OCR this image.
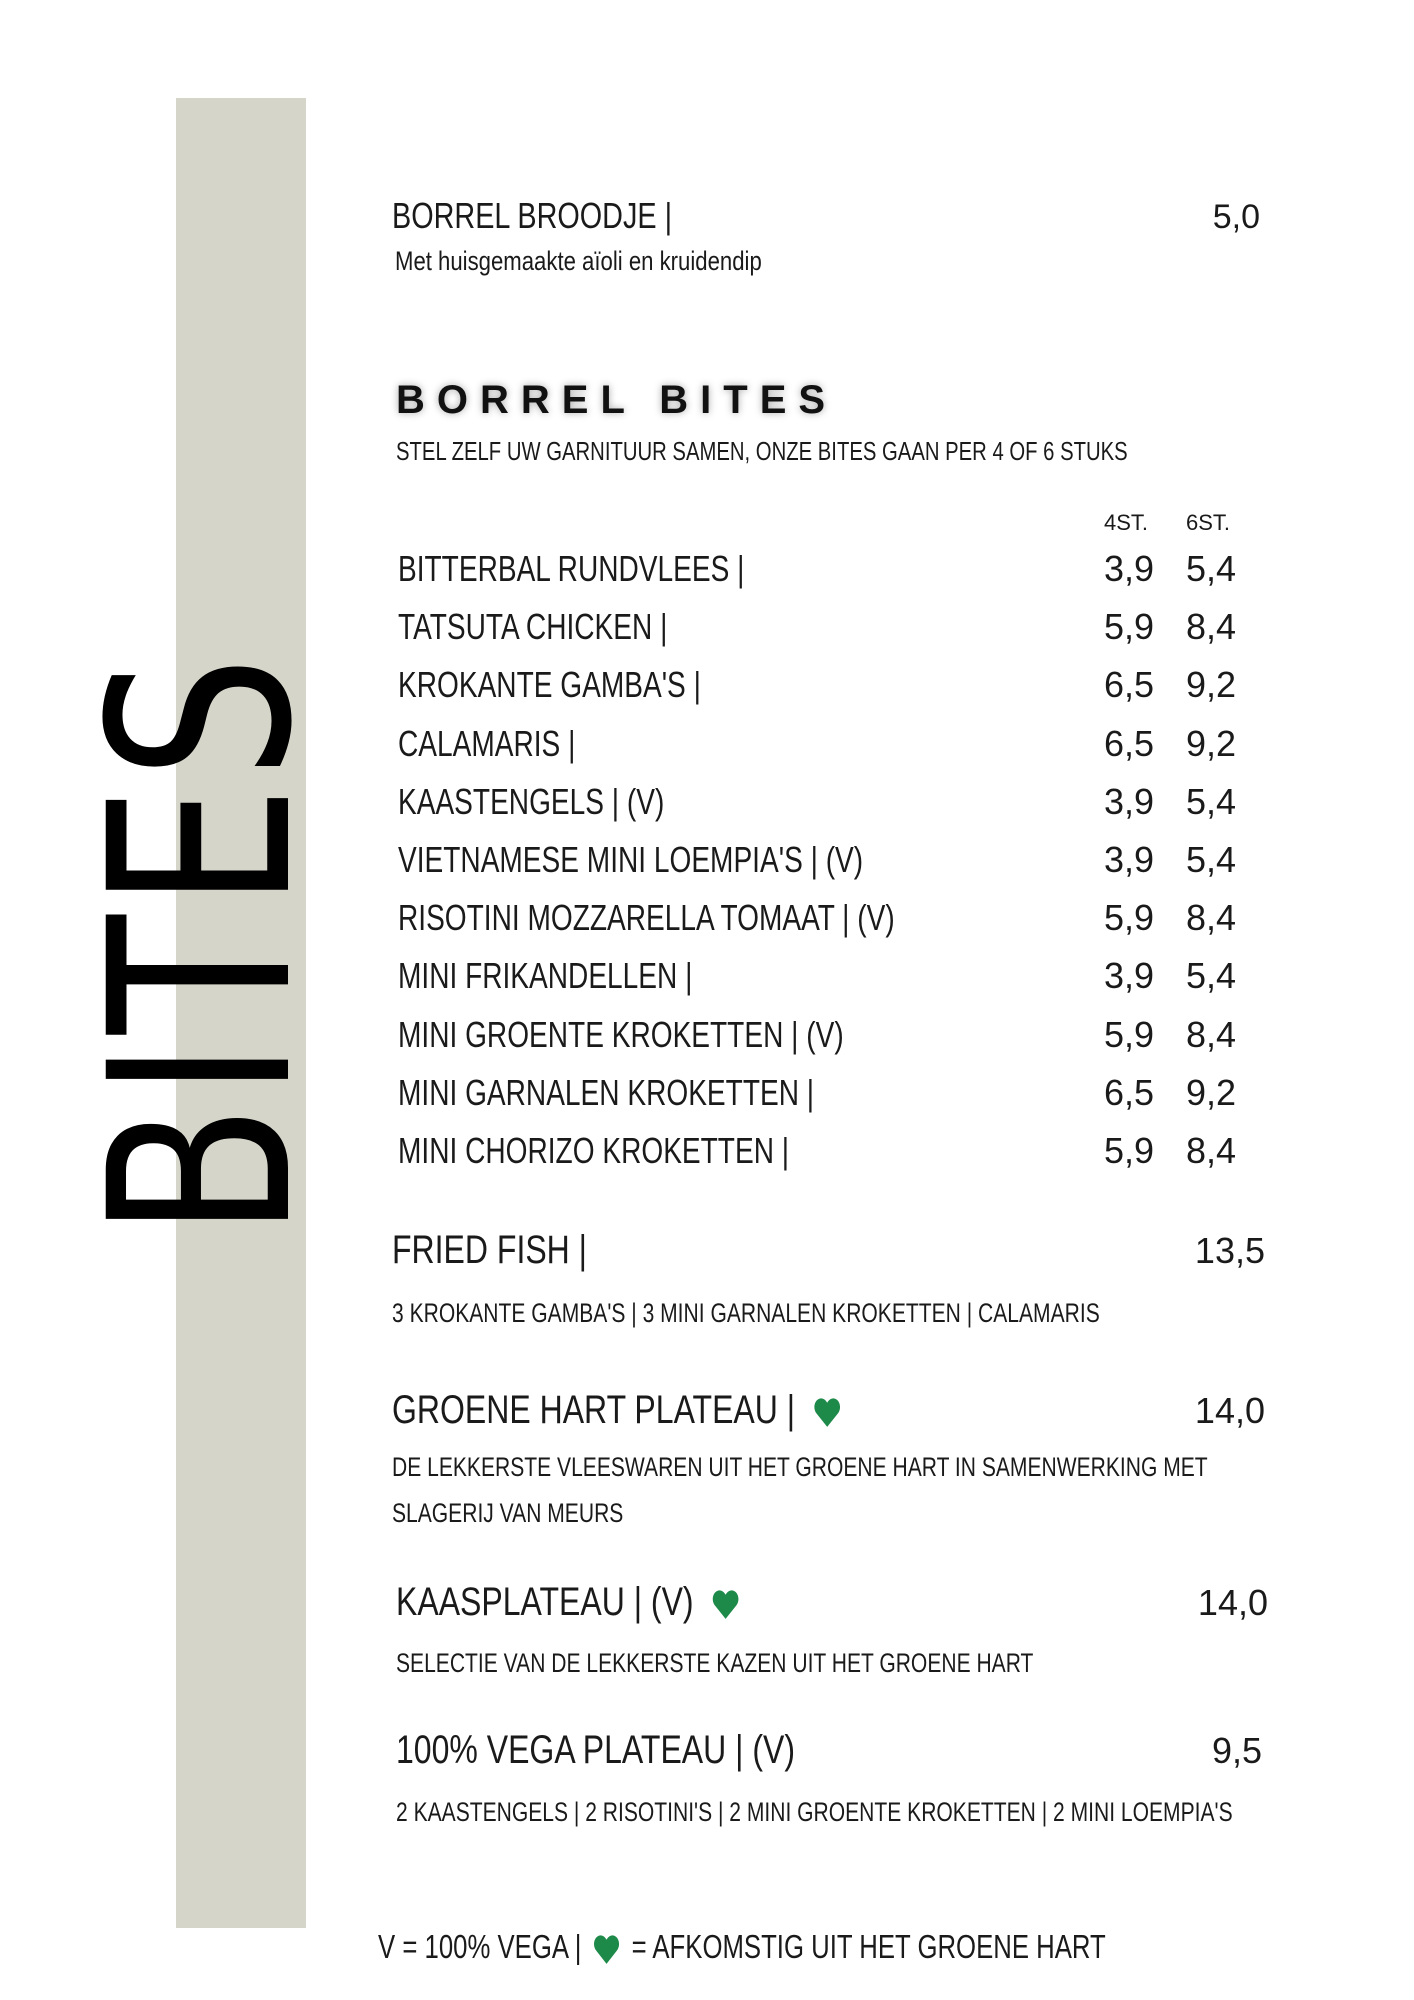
BITES
BORREL BROODJE |	5,0
Met huisgemaakte aïoli en kruidendip
BORREL BITES
STEL ZELF UW GARNITUUR SAMEN, ONZE BITES GAAN PER 4 OF 6 STUKS
4ST.	6ST.
BITTERBAL RUNDVLEES |	3,9 5,4
TATSUTA CHICKEN |	5,9 8,4
KROKANTE GAMBA'S |	6,5 9,2
CALAMARIS |	6,5 9,2
KAASTENGELS | (V)	3,9 5,4
VIETNAMESE MINI LOEMPIA'S | (V)	3,9 5,4
RISOTINI MOZZARELLA TOMAAT | (V)	5,9 8,4
MINI FRIKANDELLEN |	3,9 5,4
MINI GROENTE KROKETTEN | (V)	5,9 8,4
MINI GARNALEN KROKETTEN |	6,5 9,2
MINI CHORIZO KROKETTEN |	5,9 8,4
FRIED FISH |	13,5
3 KROKANTE GAMBA'S | 3 MINI GARNALEN KROKETTEN | CALAMARIS
GROENE HART PLATEAU |	14,0
DE LEKKERSTE VLEESWAREN UIT HET GROENE HART IN SAMENWERKING MET
SLAGERIJ VAN MEURS
KAASPLATEAU | (V)	14,0
SELECTIE VAN DE LEKKERSTE KAZEN UIT HET GROENE HART
100% VEGA PLATEAU | (V)	9,5
2 KAASTENGELS | 2 RISOTINI'S | 2 MINI GROENTE KROKETTEN | 2 MINI LOEMPIA'S
V = 100% VEGA | = AFKOMSTIG UIT HET GROENE HART
